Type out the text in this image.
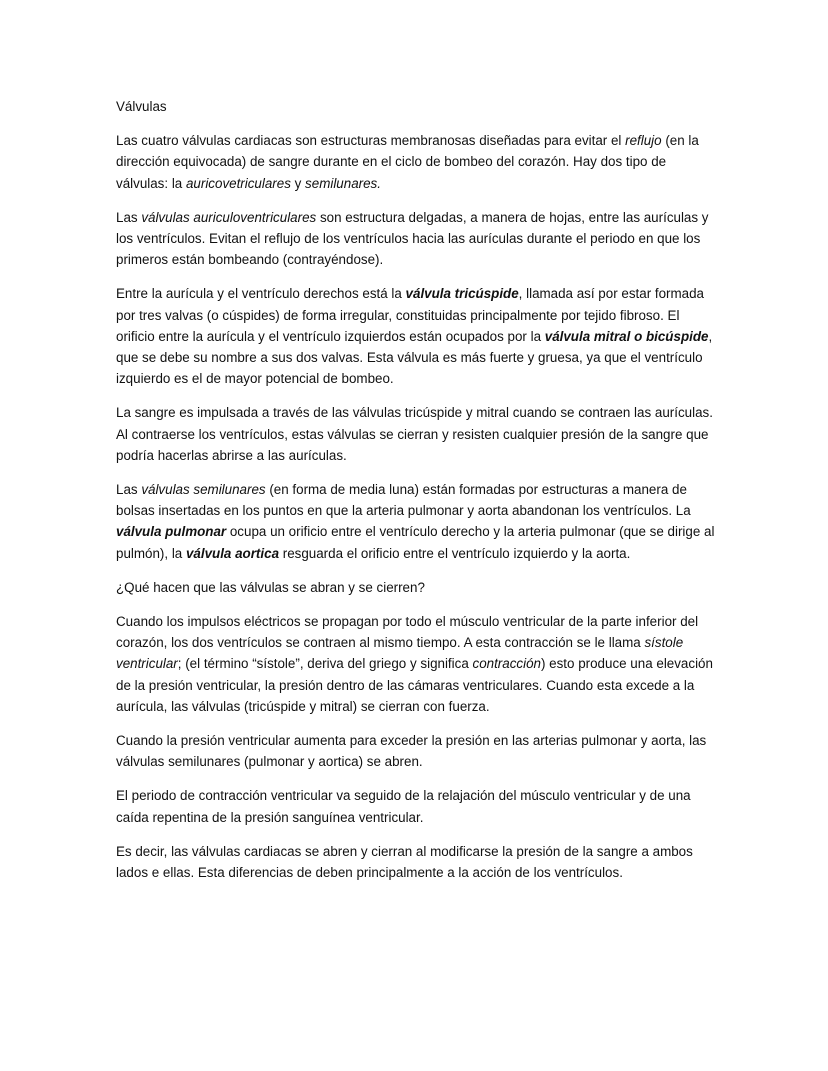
Válvulas

Las cuatro válvulas cardiacas son estructuras membranosas diseñadas para evitar el reflujo (en la dirección equivocada) de sangre durante en el ciclo de bombeo del corazón. Hay dos tipo de válvulas: la auricovetriculares y semilunares.

Las válvulas auriculoventriculares son estructura delgadas, a manera de hojas, entre las aurículas y los ventrículos. Evitan el reflujo de los ventrículos hacia las aurículas durante el periodo en que los primeros están bombeando (contrayéndose).

Entre la aurícula y el ventrículo derechos está la válvula tricúspide, llamada así por estar formada por tres valvas (o cúspides) de forma irregular, constituidas principalmente por tejido fibroso. El orificio entre la aurícula y el ventrículo izquierdos están ocupados por la válvula mitral o bicúspide, que se debe su nombre a sus dos valvas. Esta válvula es más fuerte y gruesa, ya que el ventrículo izquierdo es el de mayor potencial de bombeo.

La sangre es impulsada a través de las válvulas tricúspide y mitral cuando se contraen las aurículas. Al contraerse los ventrículos, estas válvulas se cierran y resisten cualquier presión de la sangre que podría hacerlas abrirse a las aurículas.

Las válvulas semilunares (en forma de media luna) están formadas por estructuras a manera de bolsas insertadas en los puntos en que la arteria pulmonar y aorta abandonan los ventrículos. La válvula pulmonar ocupa un orificio entre el ventrículo derecho y la arteria pulmonar (que se dirige al pulmón), la válvula aortica resguarda el orificio entre el ventrículo izquierdo y la aorta.

¿Qué hacen que las válvulas se abran y se cierren?

Cuando los impulsos eléctricos se propagan por todo el músculo ventricular de la parte inferior del corazón, los dos ventrículos se contraen al mismo tiempo. A esta contracción se le llama sístole ventricular; (el término “sístole”, deriva del griego y significa contracción) esto produce una elevación de la presión ventricular, la presión dentro de las cámaras ventriculares. Cuando esta excede a la aurícula, las válvulas (tricúspide y mitral) se cierran con fuerza.

Cuando la presión ventricular aumenta para exceder la presión en las arterias pulmonar y aorta, las válvulas semilunares (pulmonar y aortica) se abren.

El periodo de contracción ventricular va seguido de la relajación del músculo ventricular y de una caída repentina de la presión sanguínea ventricular.

Es decir, las válvulas cardiacas se abren y cierran al modificarse la presión de la sangre a ambos lados e ellas. Esta diferencias de deben principalmente a la acción de los ventrículos.
